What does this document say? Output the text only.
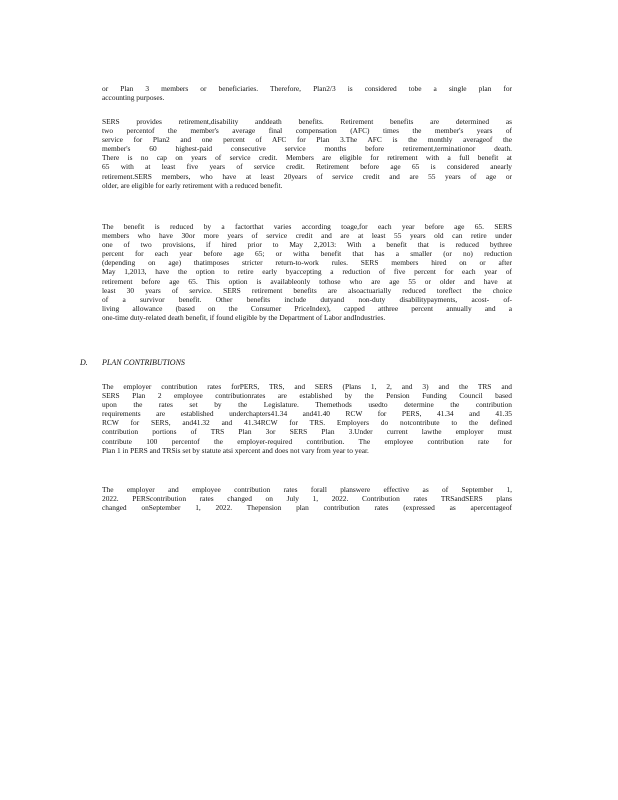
or Plan 3 members or beneficiaries. Therefore, Plan2/3 is considered tobe a single plan for
accounting purposes.
SERS provides retirement,disability anddeath benefits. Retirement benefits are determined as
two percentof the member's average final compensation (AFC) times the member's years of
service for Plan2 and one percent of AFC for Plan 3.The AFC is the monthly averageof the
member's 60 highest-paid consecutive service months before retirement,terminationor death.
There is no cap on years of service credit. Members are eligible for retirement with a full benefit at
65 with at least five years of service credit. Retirement before age 65 is considered anearly
retirement.SERS members, who have at least 20years of service credit and are 55 years of age or
older, are eligible for early retirement with a reduced benefit.
The benefit is reduced by a factorthat varies according toage,for each year before age 65. SERS
members who have 30or more years of service credit and are at least 55 years old can retire under
one of two provisions, if hired prior to May 2,2013: With a benefit that is reduced bythree
percent for each year before age 65; or witha benefit that has a smaller (or no) reduction
(depending on age) thatimposes stricter return-to-work rules. SERS members hired on or after
May 1,2013, have the option to retire early byaccepting a reduction of five percent for each year of
retirement before age 65. This option is availableonly tothose who are age 55 or older and have at
least 30 years of service. SERS retirement benefits are alsoactuarially reduced toreflect the choice
of a survivor benefit. Other benefits include dutyand non-duty disabilitypayments, acost- of-
living allowance (based on the Consumer PriceIndex), capped atthree percent annually and a
one-time duty-related death benefit, if found eligible by the Department of Labor andIndustries.
D. PLAN CONTRIBUTIONS
The employer contribution rates forPERS, TRS, and SERS (Plans 1, 2, and 3) and the TRS and
SERS Plan 2 employee contributionrates are established by the Pension Funding Council based
upon the rates set by the Legislature. Themethods usedto determine the contribution
requirements are established underchapters41.34 and41.40 RCW for PERS, 41.34 and 41.35
RCW for SERS, and41.32 and 41.34RCW for TRS. Employers do notcontribute to the defined
contribution portions of TRS Plan 3or SERS Plan 3.Under current lawthe employer must
contribute 100 percentof the employer-required contribution. The employee contribution rate for
Plan 1 in PERS and TRSis set by statute atsi xpercent and does not vary from year to year.
The employer and employee contribution rates forall planswere effective as of September 1,
2022. PERScontribution rates changed on July 1, 2022. Contribution rates TRSandSERS plans
changed onSeptember 1, 2022. Thepension plan contribution rates (expressed as apercentageof
